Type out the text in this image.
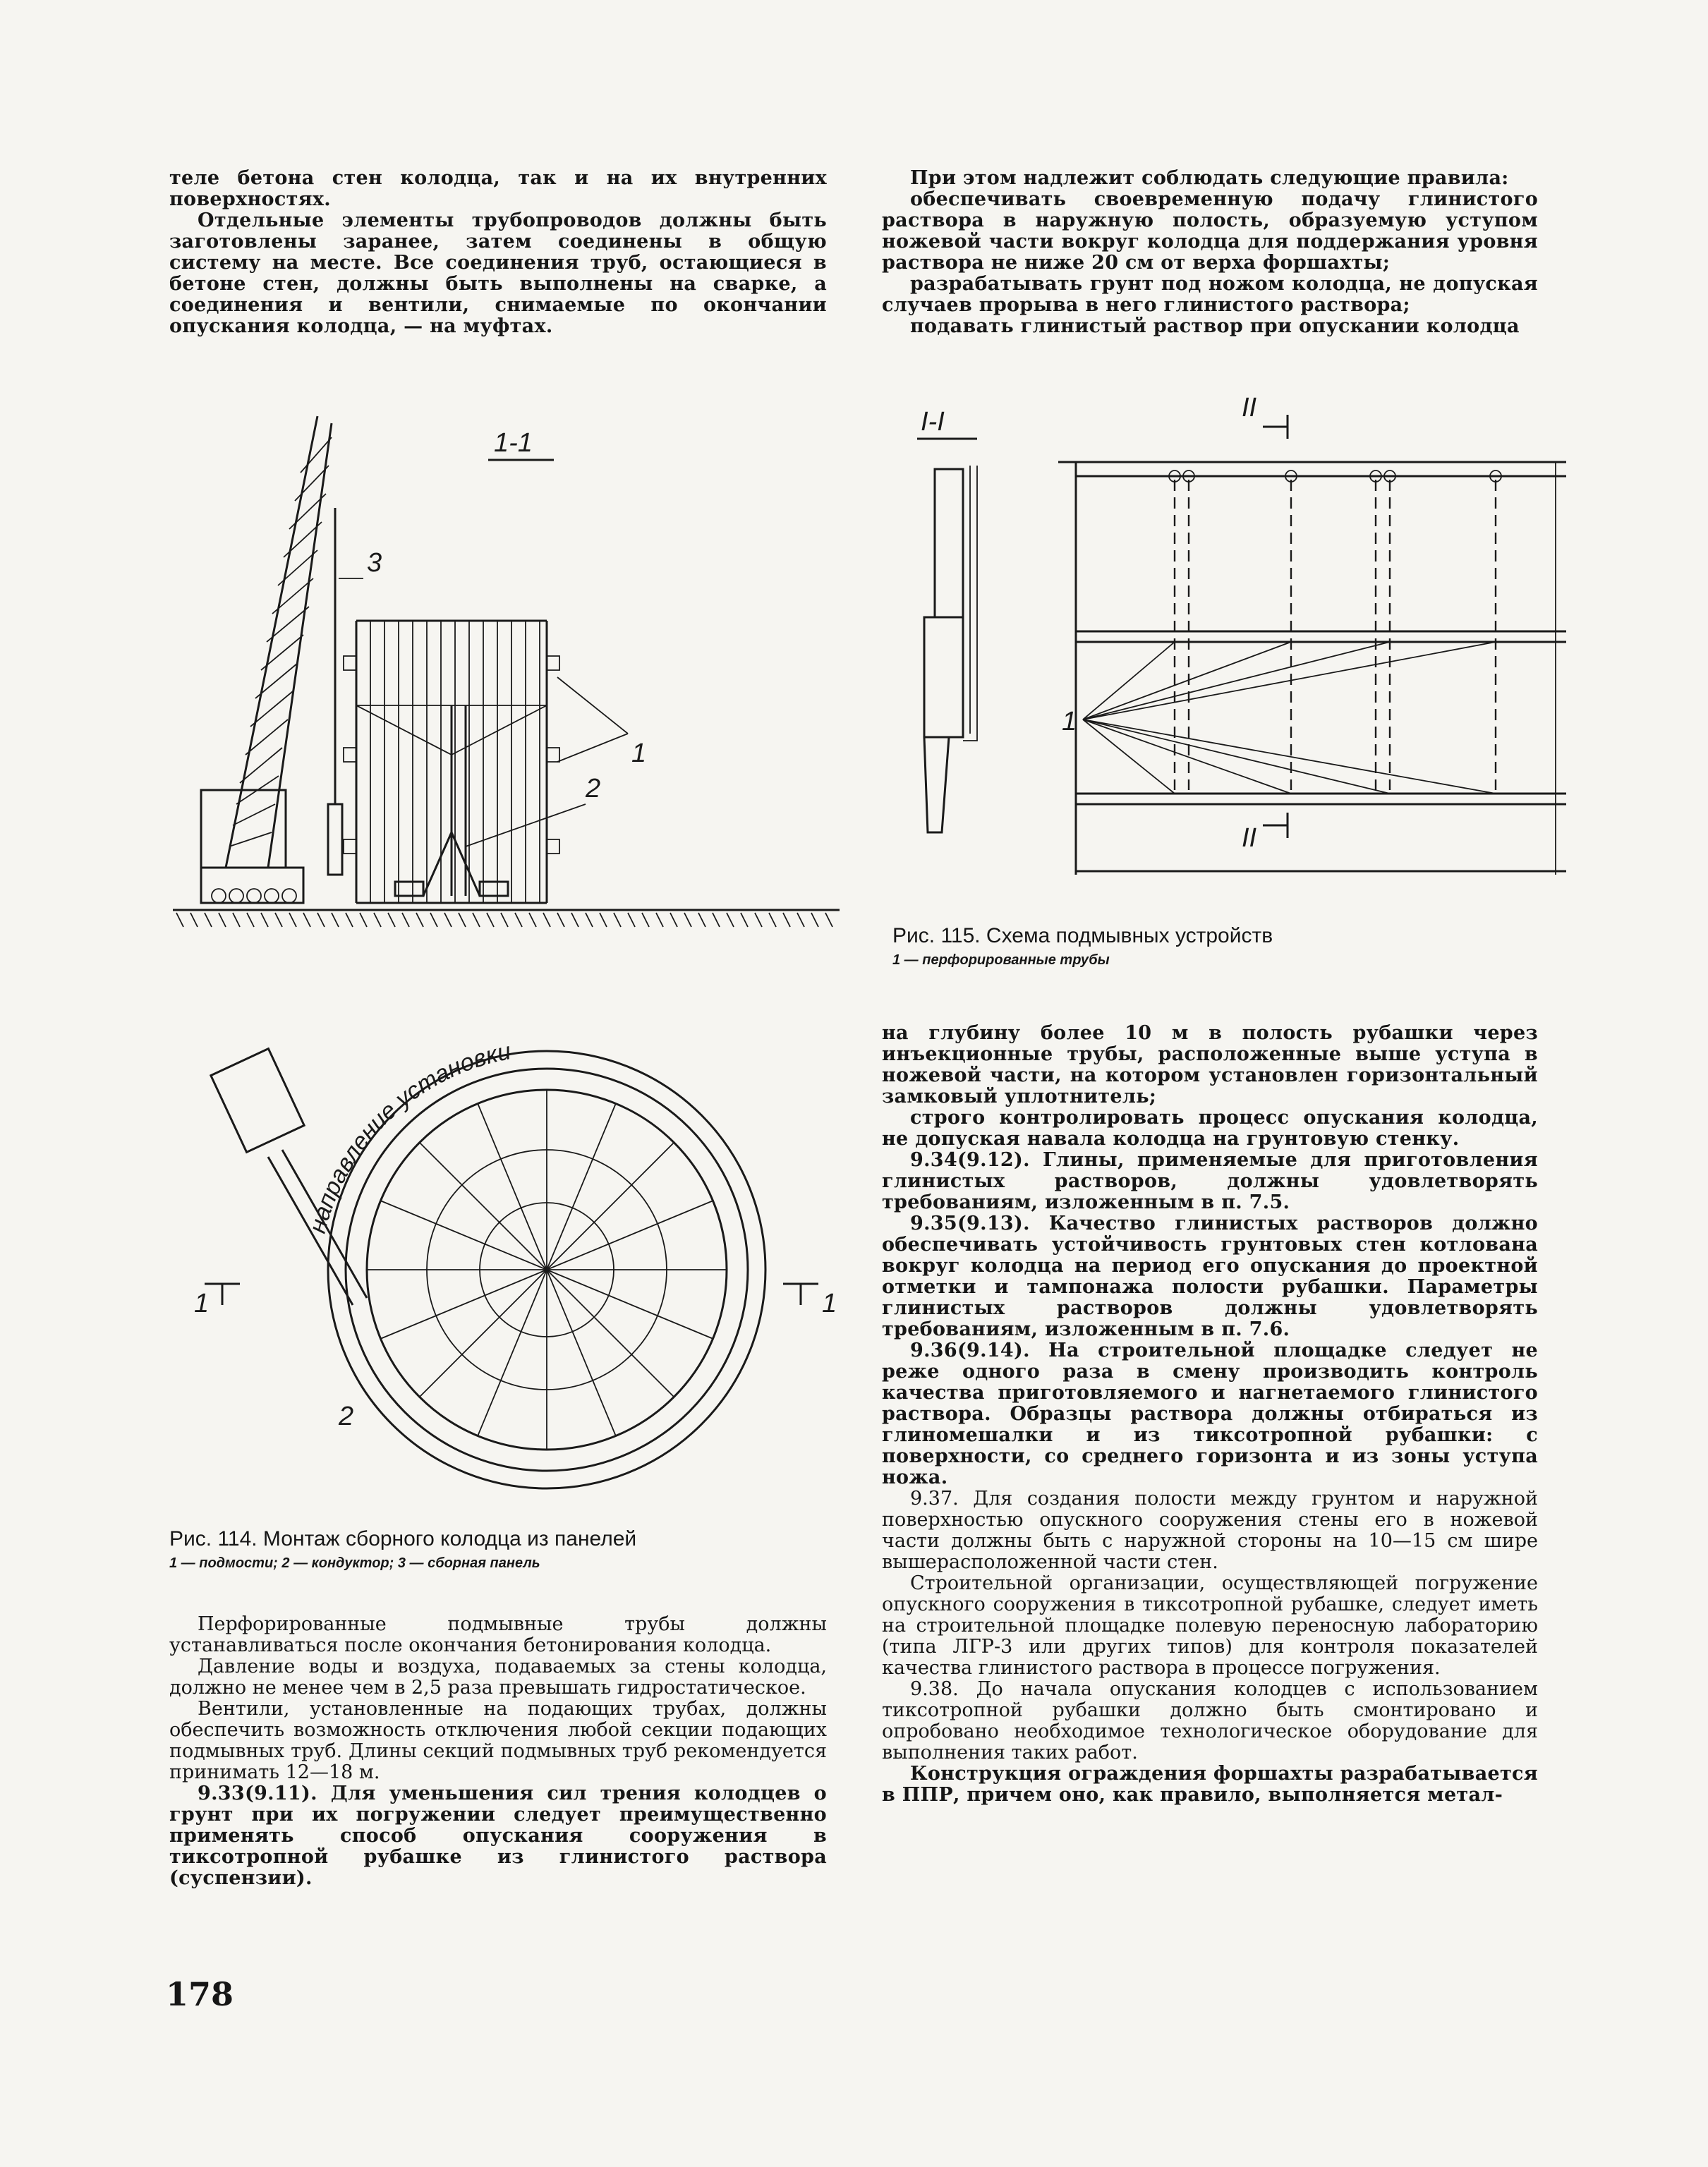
теле бетона стен колодца, так и на их внутренних поверхностях.

Отдельные элементы трубопроводов должны быть заготовлены заранее, затем соединены в общую систему на месте. Все соединения труб, остающиеся в бетоне стен, должны быть выполнены на сварке, а соединения и вентили, снимаемые по окончании опускания колодца, — на муфтах.

При этом надлежит соблюдать следующие правила:

обеспечивать своевременную подачу глинистого раствора в наружную полость, образуемую уступом ножевой части вокруг колодца для поддержания уровня раствора не ниже 20 см от верха форшахты;

разрабатывать грунт под ножом колодца, не допуская случаев прорыва в него глинистого раствора;

подавать глинистый раствор при опускании колодца

1-1
3
1
2
I-I	II
II
1
Рис. 115. Схема подмывных устройств
1 — перфорированные трубы
направление установки панелей
1	1
2
Рис. 114. Монтаж сборного колодца из панелей
1 — подмости; 2 — кондуктор; 3 — сборная панель

Перфорированные подмывные трубы должны устанавливаться после окончания бетонирования колодца.

Давление воды и воздуха, подаваемых за стены колодца, должно не менее чем в 2,5 раза превышать гидростатическое.

Вентили, установленные на подающих трубах, должны обеспечить возможность отключения любой секции подающих подмывных труб. Длины секций подмывных труб рекомендуется принимать 12—18 м.

9.33(9.11). Для уменьшения сил трения колодцев о грунт при их погружении следует преимущественно применять способ опускания сооружения в тиксотропной рубашке из глинистого раствора (суспензии).

на глубину более 10 м в полость рубашки через инъекционные трубы, расположенные выше уступа в ножевой части, на котором установлен горизонтальный замковый уплотнитель;

строго контролировать процесс опускания колодца, не допуская навала колодца на грунтовую стенку.

9.34(9.12). Глины, применяемые для приготовления глинистых растворов, должны удовлетворять требованиям, изложенным в п. 7.5.

9.35(9.13). Качество глинистых растворов должно обеспечивать устойчивость грунтовых стен котлована вокруг колодца на период его опускания до проектной отметки и тампонажа полости рубашки. Параметры глинистых растворов должны удовлетворять требованиям, изложенным в п. 7.6.

9.36(9.14). На строительной площадке следует не реже одного раза в смену производить контроль качества приготовляемого и нагнетаемого глинистого раствора. Образцы раствора должны отбираться из глиномешалки и из тиксотропной рубашки: с поверхности, со среднего горизонта и из зоны уступа ножа.

9.37. Для создания полости между грунтом и наружной поверхностью опускного сооружения стены его в ножевой части должны быть с наружной стороны на 10—15 см шире вышерасположенной части стен.

Строительной организации, осуществляющей погружение опускного сооружения в тиксотропной рубашке, следует иметь на строительной площадке полевую переносную лабораторию (типа ЛГР-3 или других типов) для контроля показателей качества глинистого раствора в процессе погружения.

9.38. До начала опускания колодцев с использованием тиксотропной рубашки должно быть смонтировано и опробовано необходимое технологическое оборудование для выполнения таких работ.

Конструкция ограждения форшахты разрабатывается в ППР, причем оно, как правило, выполняется метал-

178
